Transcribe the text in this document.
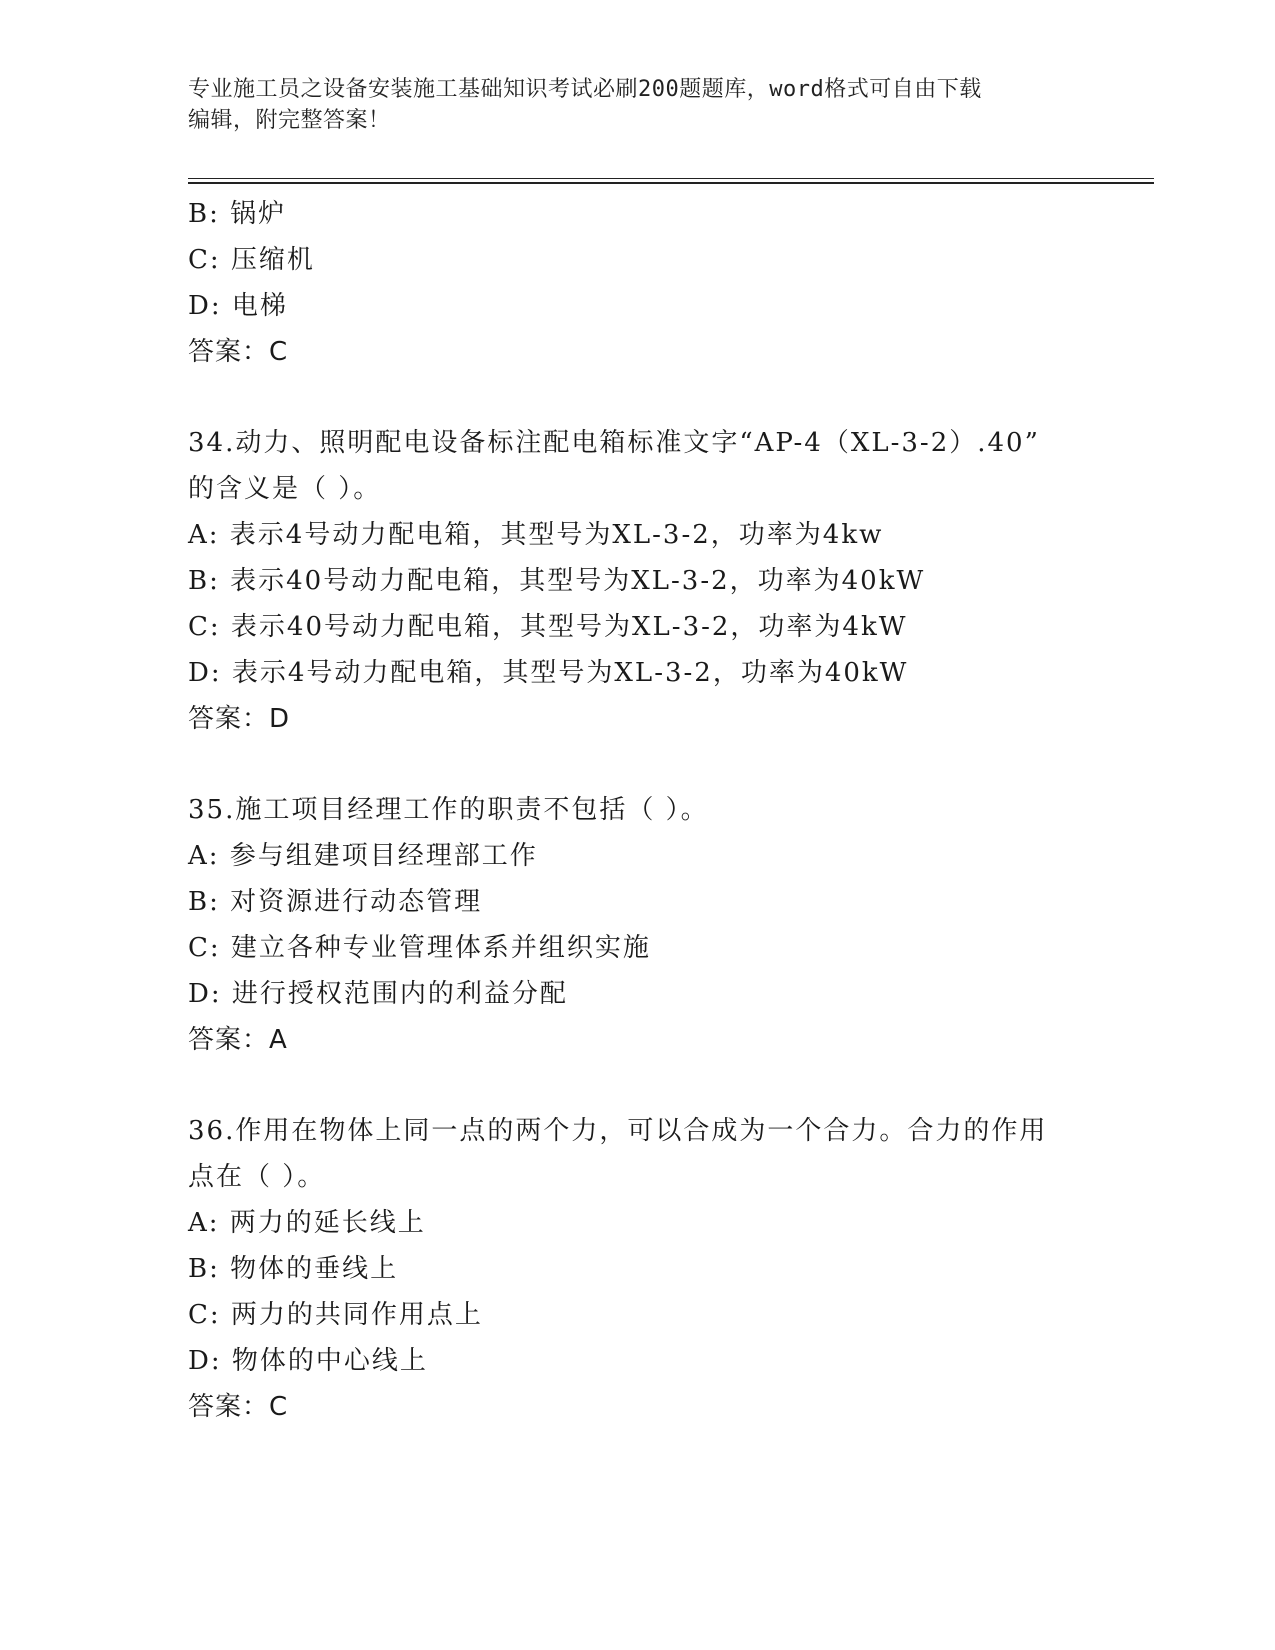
专业施工员之设备安装施工基础知识考试必刷200题题库，word格式可自由下载
编辑，附完整答案！
B: 锅炉
C: 压缩机
D: 电梯
答案：C
34.动力、照明配电设备标注配电箱标准文字“AP-4（XL-3-2）.40”
的含义是（ ）。
A: 表示4号动力配电箱，其型号为XL-3-2，功率为4kw
B: 表示40号动力配电箱，其型号为XL-3-2，功率为40kW
C: 表示40号动力配电箱，其型号为XL-3-2，功率为4kW
D: 表示4号动力配电箱，其型号为XL-3-2，功率为40kW
答案：D
35.施工项目经理工作的职责不包括（ ）。
A: 参与组建项目经理部工作
B: 对资源进行动态管理
C: 建立各种专业管理体系并组织实施
D: 进行授权范围内的利益分配
答案：A
36.作用在物体上同一点的两个力，可以合成为一个合力。合力的作用
点在（ ）。
A: 两力的延长线上
B: 物体的垂线上
C: 两力的共同作用点上
D: 物体的中心线上
答案：C
